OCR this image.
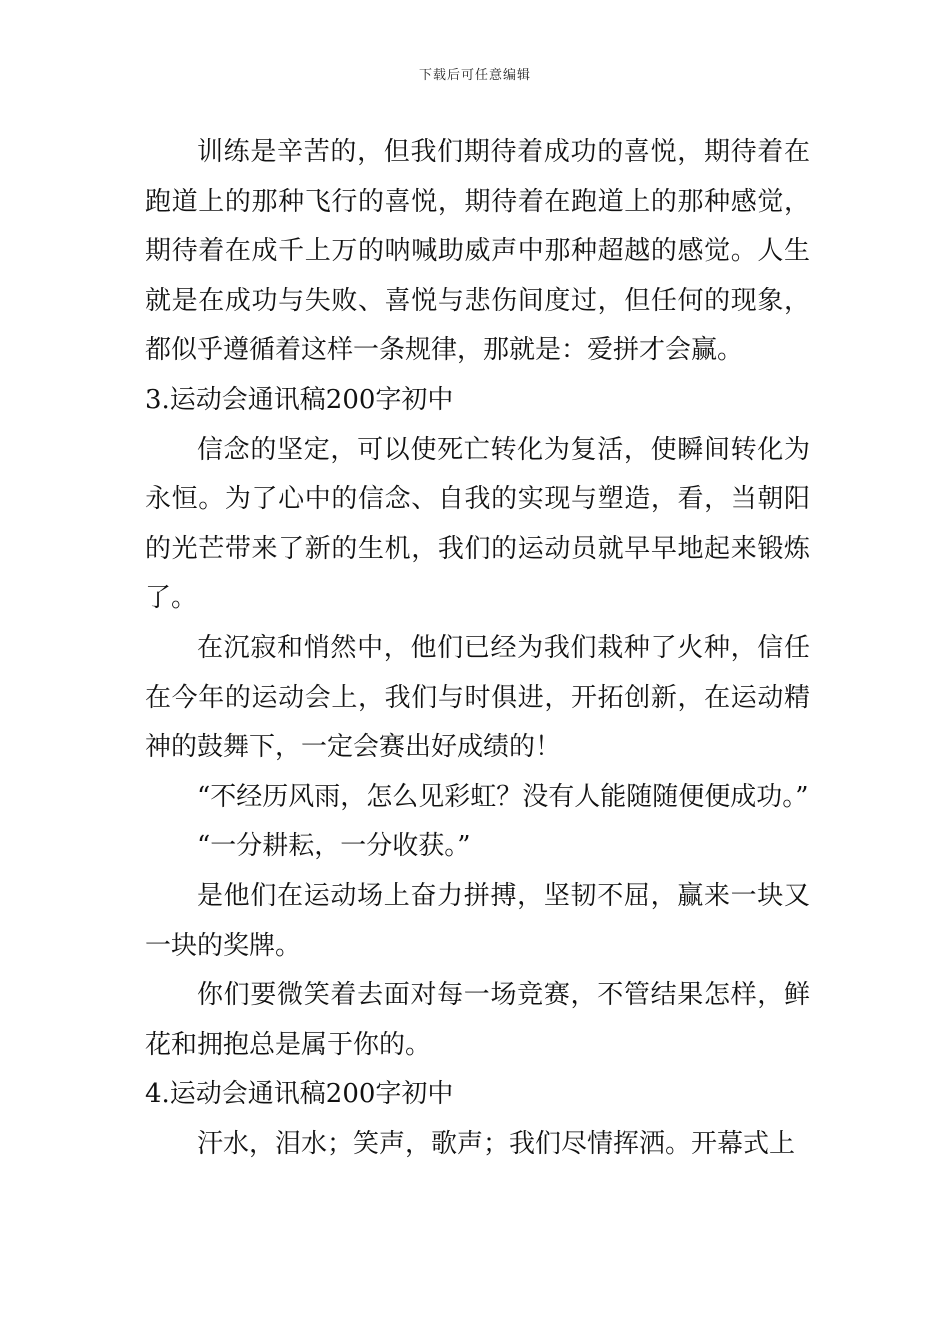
下载后可任意编辑

训练是辛苦的，但我们期待着成功的喜悦，期待着在跑道上的那种飞行的喜悦，期待着在跑道上的那种感觉，期待着在成千上万的呐喊助威声中那种超越的感觉。人生就是在成功与失败、喜悦与悲伤间度过，但任何的现象，都似乎遵循着这样一条规律，那就是：爱拼才会赢。

3.运动会通讯稿200字初中

信念的坚定，可以使死亡转化为复活，使瞬间转化为永恒。为了心中的信念、自我的实现与塑造，看，当朝阳的光芒带来了新的生机，我们的运动员就早早地起来锻炼了。

在沉寂和悄然中，他们已经为我们栽种了火种，信任在今年的运动会上，我们与时俱进，开拓创新，在运动精神的鼓舞下，一定会赛出好成绩的！

“不经历风雨，怎么见彩虹？没有人能随随便便成功。”

“一分耕耘，一分收获。”

是他们在运动场上奋力拼搏，坚韧不屈，赢来一块又一块的奖牌。

你们要微笑着去面对每一场竞赛，不管结果怎样，鲜花和拥抱总是属于你的。

4.运动会通讯稿200字初中

汗水，泪水；笑声，歌声；我们尽情挥洒。开幕式上
